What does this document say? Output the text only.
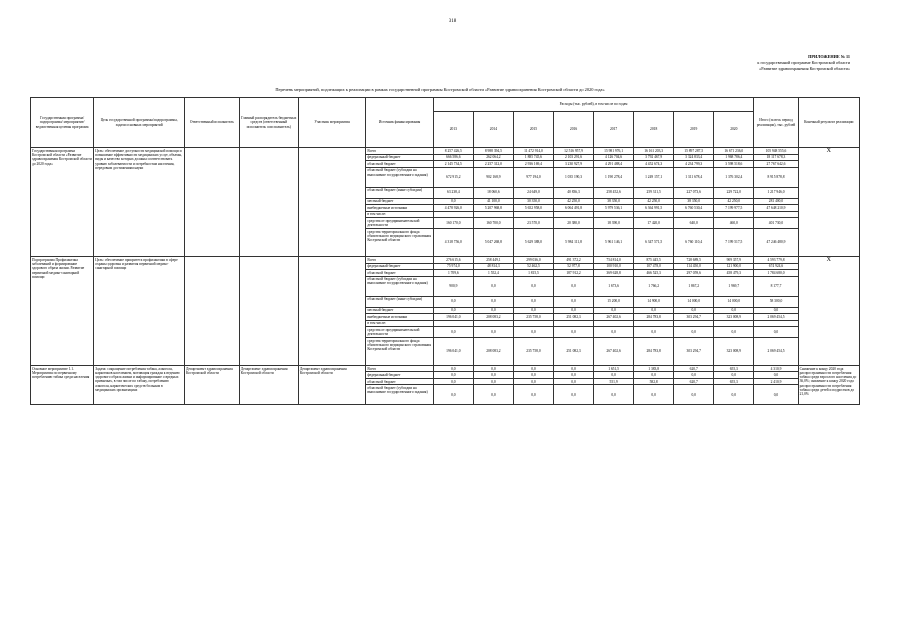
318
ПРИЛОЖЕНИЕ № 11
к государственной программе Костромской области
«Развитие здравоохранения Костромской области»
Перечень мероприятий, подлежащих к реализации в рамках государственной программы Костромской области «Развитие здравоохранения Костромской области до 2020 года»
Государственная программа/подпрограмма/ мероприятие/ ведомственная целевая программа	Цель государственной программы/подпрограммы, задачи основных мероприятий	Ответственный исполнитель	Главный распорядитель бюджетных средств (ответственный исполнитель соисполнитель)	Участник мероприятия	Источник финансирования	Расходы (тыс. рублей), в том числе по годам								Итого (за весь период реализации), тыс. рублей	Конечный результат реализации
						2013	2014	2015	2016	2017	2018	2019	2020		
Государственная программа Костромской области «Развитие здравоохранения Костромской области до 2020 года»	Цель: обеспечение доступности медицинской помощи и повышение эффективности медицинских услуг, объемы, виды и качество которых должны соответствовать уровню заболеваемости и потребностям населения, передовым достижениям науки				Всего	8 257 426,5	8 988 394,5	11 472 914,0	12 516 957,9	15 981 976,1	16 161 203,3	15 897 287,5	16 671 236,0	105 948 555,6	X
					федеральный бюджет	666 586,6	262 064,2	1 885 745,6	2 103 291,6	4 126 704,6	3 792 467,9	3 324 833,4	1 968 786,4	18 117 678,3	
					областной бюджет	2 145 734,5	2 257 312,0	2 936 169,4	3 230 927,9	4 291 488,4	4 452 674,3	4 234 799,3	3 598 518,6	27 767 642,6	
					областной бюджет (субсидии на выполнение государственного задания)	672 915,2	902 168,9	977 194,0	1 035 190,3	1 190 278,4	1 249 157,1	1 311 678,4	1 376 302,4	8 915 878,8	
					областной бюджет (иные субсидии)	63 238,4	18 060,6	24 649,0	40 836,3	258 452,6	259 311,5	227 073,6	229 722,0	1 217 946,0	
					местный бюджет	0,0	41 100,0	30 350,0	42 250,0	38 350,0	42 250,0	38 350,0	42 250,0	281 400,0	
					внебюджетные источники	4 478 926,0	5 207 968,8	5 652 958,0	6 064 491,8	5 979 536,1	6 364 991,5	6 760 530,4	7 199 977,5	47 648 210,9	
					в том числе:										
					средства от предпринимательской деятельности	160 170,0	160 700,0	23 570,0	20 380,0	18 390,0	17 420,0	640,0	460,0	401 730,0	
					средства территориального фонда обязательного медицинского страхования Костромской области	4 318 756,0	5 047 268,8	5 629 388,0	5 984 111,8	5 961 146,1	6 347 571,5	6 760 110,4	7 199 517,5	47 246 480,9	
Подпрограмма Профилактика заболеваний и формирование здорового образа жизни. Развитие первичной медико-санитарной помощи	Цель: обеспечение приоритета профилактики в сфере охраны здоровья и развития первичной медико-санитарной помощи				Всего	276 615,6	258 449,1	299 036,0	491 372,2	754 814,0	875 445,5	728 689,5	909 357,9	4 593 779,8	X
					федеральный бюджет	75 974,0	48 814,3	52 462,5	52 977,8	100 910,0	107 478,0	114 450,0	121 900,0	674 924,6	
					областной бюджет	1 709,6	1 552,4	1 815,5	187 912,2	369 628,8	466 525,3	297 059,6	458 479,3	1 784 680,0	
					областной бюджет (субсидии на выполнение государственного задания)	900,9	0,0	0,0	0,0	1 673,6	1 766,2	1 867,2	1 969,7	8 177,7	
					областной бюджет (иные субсидии)	0,0	0,0	0,0	0,0	15 200,0	14 900,0	14 000,0	14 000,0	58 300,0	
					местный бюджет	0,0	0,0	0,0	0,0	0,0	0,0	0,0	0,0	0,0	
					внебюджетные источники	196 041,0	208 083,2	235 758,0	251 082,3	267 402,6	284 783,8	303 294,7	323 008,9	2 069 454,5	
					в том числе:										
					средства от предпринимательской деятельности	0,0	0,0	0,0	0,0	0,0	0,0	0,0	0,0	0,0	
					средства территориального фонда обязательного медицинского страхования Костромской области	196 041,0	208 083,2	235 758,0	251 082,3	267 402,6	284 783,8	303 294,7	323 008,9	2 069 454,5	
Основное мероприятие 1.1. Мероприятия по первичному потреблению табака среди населения	Задача: сокращение потребления табака, алкоголя, наркотиков населением, мотивация граждан к ведению здорового образа жизни и информирование о вредных привычках, в том числе по табаку, потреблению алкоголя, наркотических средств больным в медицинских организациях	Департамент здравоохранения Костромской области	Департамент здравоохранения Костромской области	Департамент здравоохранения Костромской области	Всего	0,0	0,0	0,0	0,0	1 651,5	1 383,8	620,7	655,3	4 310,9	Снижение к концу 2020 года распространенности потребления табака среди взрослого населения до 36,0%; снижение к концу 2020 года распространенности потребления табака среди детей и подростков до 21,0%
					федеральный бюджет	0,0	0,0	0,0	0,0	0,0	0,0	0,0	0,0	0,0	
					областной бюджет	0,0	0,0	0,0	0,0	551,9	582,8	620,7	655,3	2 410,9	
					областной бюджет (субсидии на выполнение государственного задания)	0,0	0,0	0,0	0,0	0,0	0,0	0,0	0,0	0,0	
